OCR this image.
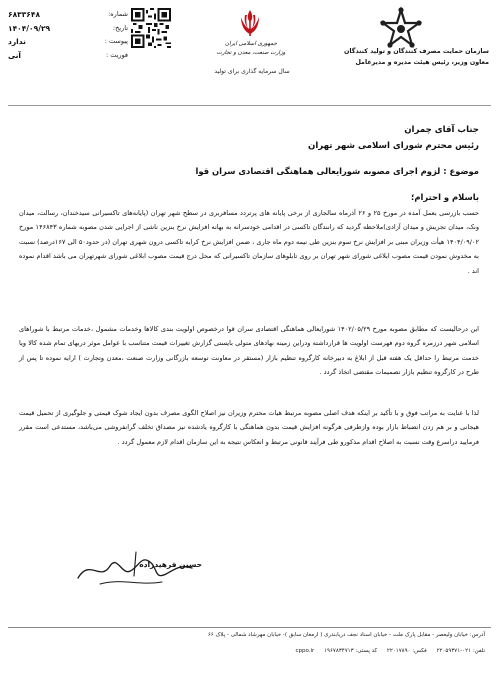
شماره:
۶۸۳۳۶۴۸
تاریخ:
۱۴۰۴/۰۹/۲۹
پیوست :
ندارد
فوریت :
آنی
جمهوری اسلامی ایران
وزارت صنعت، معدن و تجارت
سال سرمایه گذاری برای تولید
سازمان حمایت مصرف کنندگان و تولید کنندگان
معاون وزیر، رئیس هیئت مدیره و مدیرعامل
جناب آقای چمران
رئیس محترم شورای اسلامی شهر تهران
موضوع : لزوم اجرای مصوبه شورایعالی هماهنگی اقتصادی سران قوا
باسلام و احترام؛
حسب بازرسی بعمل آمده در مورخ ۲۵ و ۲۶ آذرماه سالجاری از برخی پایانه های پرتردد مسافربری در سطح شهر تهران (پایانه‌های تاکسیرانی سیدخندان، رسالت، میدان ونک، میدان تجریش و میدان آزادی)ملاحظه گردید که رانندگان تاکسی در اقدامی خودسرانه به بهانه افزایش نرخ بنزین ناشی از اجرایی شدن مصوبه شماره ۱۴۶۸۴۳ مورخ ۱۴۰۴/۰۹/۰۲ هیأت وزیران مبنی بر افزایش نرخ سوم بنزین طی نیمه دوم ماه جاری ، ضمن افزایش نرخ کرایه تاکسی درون شهری تهران (در حدود۵۰ الی ۱۶۷درصد) نسبت به مخدوش نمودن قیمت مصوب ابلاغی شورای شهر تهران بر روی تابلوهای سازمان تاکسیرانی که محل درج قیمت مصوب ابلاغی شورای شهرتهران می باشد اقدام نموده اند .
این درحالیست که مطابق مصوبه مورخ ۱۴۰۲/۰۵/۲۹ شورایعالی هماهنگی اقتصادی سران قوا درخصوص اولویت بندی کالاها وخدمات مشمول ،خدمات مرتبط با شوراهای اسلامی شهر درزمره گروه دوم فهرست اولویت ها قرارداشته ودراین زمینه نهادهای متولی بایستی گزارش تغییرات قیمت متناسب با عوامل موثر دربهای تمام شده کالا ویا خدمت مرتبط را حداقل یک هفته قبل از ابلاغ به دبیرخانه کارگروه تنظیم بازار (مستقر در معاونت توسعه بازرگانی وزارت صنعت ،معدن وتجارت ) ارایه نموده تا پس از طرح در کارگروه تنظیم بازار تصمیمات مقتضی اتخاذ گردد .
لذا با عنایت به مراتب فوق و با تأکید بر اینکه هدف اصلی مصوبه مرتبط هیات محترم وزیران نیز اصلاح الگوی مصرف بدون ایجاد شوک قیمتی و جلوگیری از تحمیل قیمت هیجانی و بر هم زدن انضباط بازار بوده وازطرفی هرگونه افزایش قیمت بدون هماهنگی با کارگروه یادشده نیز مصداق تخلف گرانفروشی می‌باشد، مستدعی است مقرر فرمایید دراسرع وقت نسبت به اصلاح اقدام مذکورو طی فرآیند قانونی مرتبط و انعکاس نتیجه به این سازمان اقدام لازم معمول گردد .
حسین فرهیدزاده
آدرس: خیابان ولیعصر - مقابل پارک ملت - خیابان اسناد نجف دریابندری ( ارمغان سابق )- خیابان مهرشاد شمالی - پلاک ۶۶
تلفن: ۰۲۱-۲۲۰۵۹۳۷۱ فکس: ۲۲۰۱۷۸۹۰ کد پستی: ۱۹۶۷۸۳۴۷۱۳ cppo.ir
